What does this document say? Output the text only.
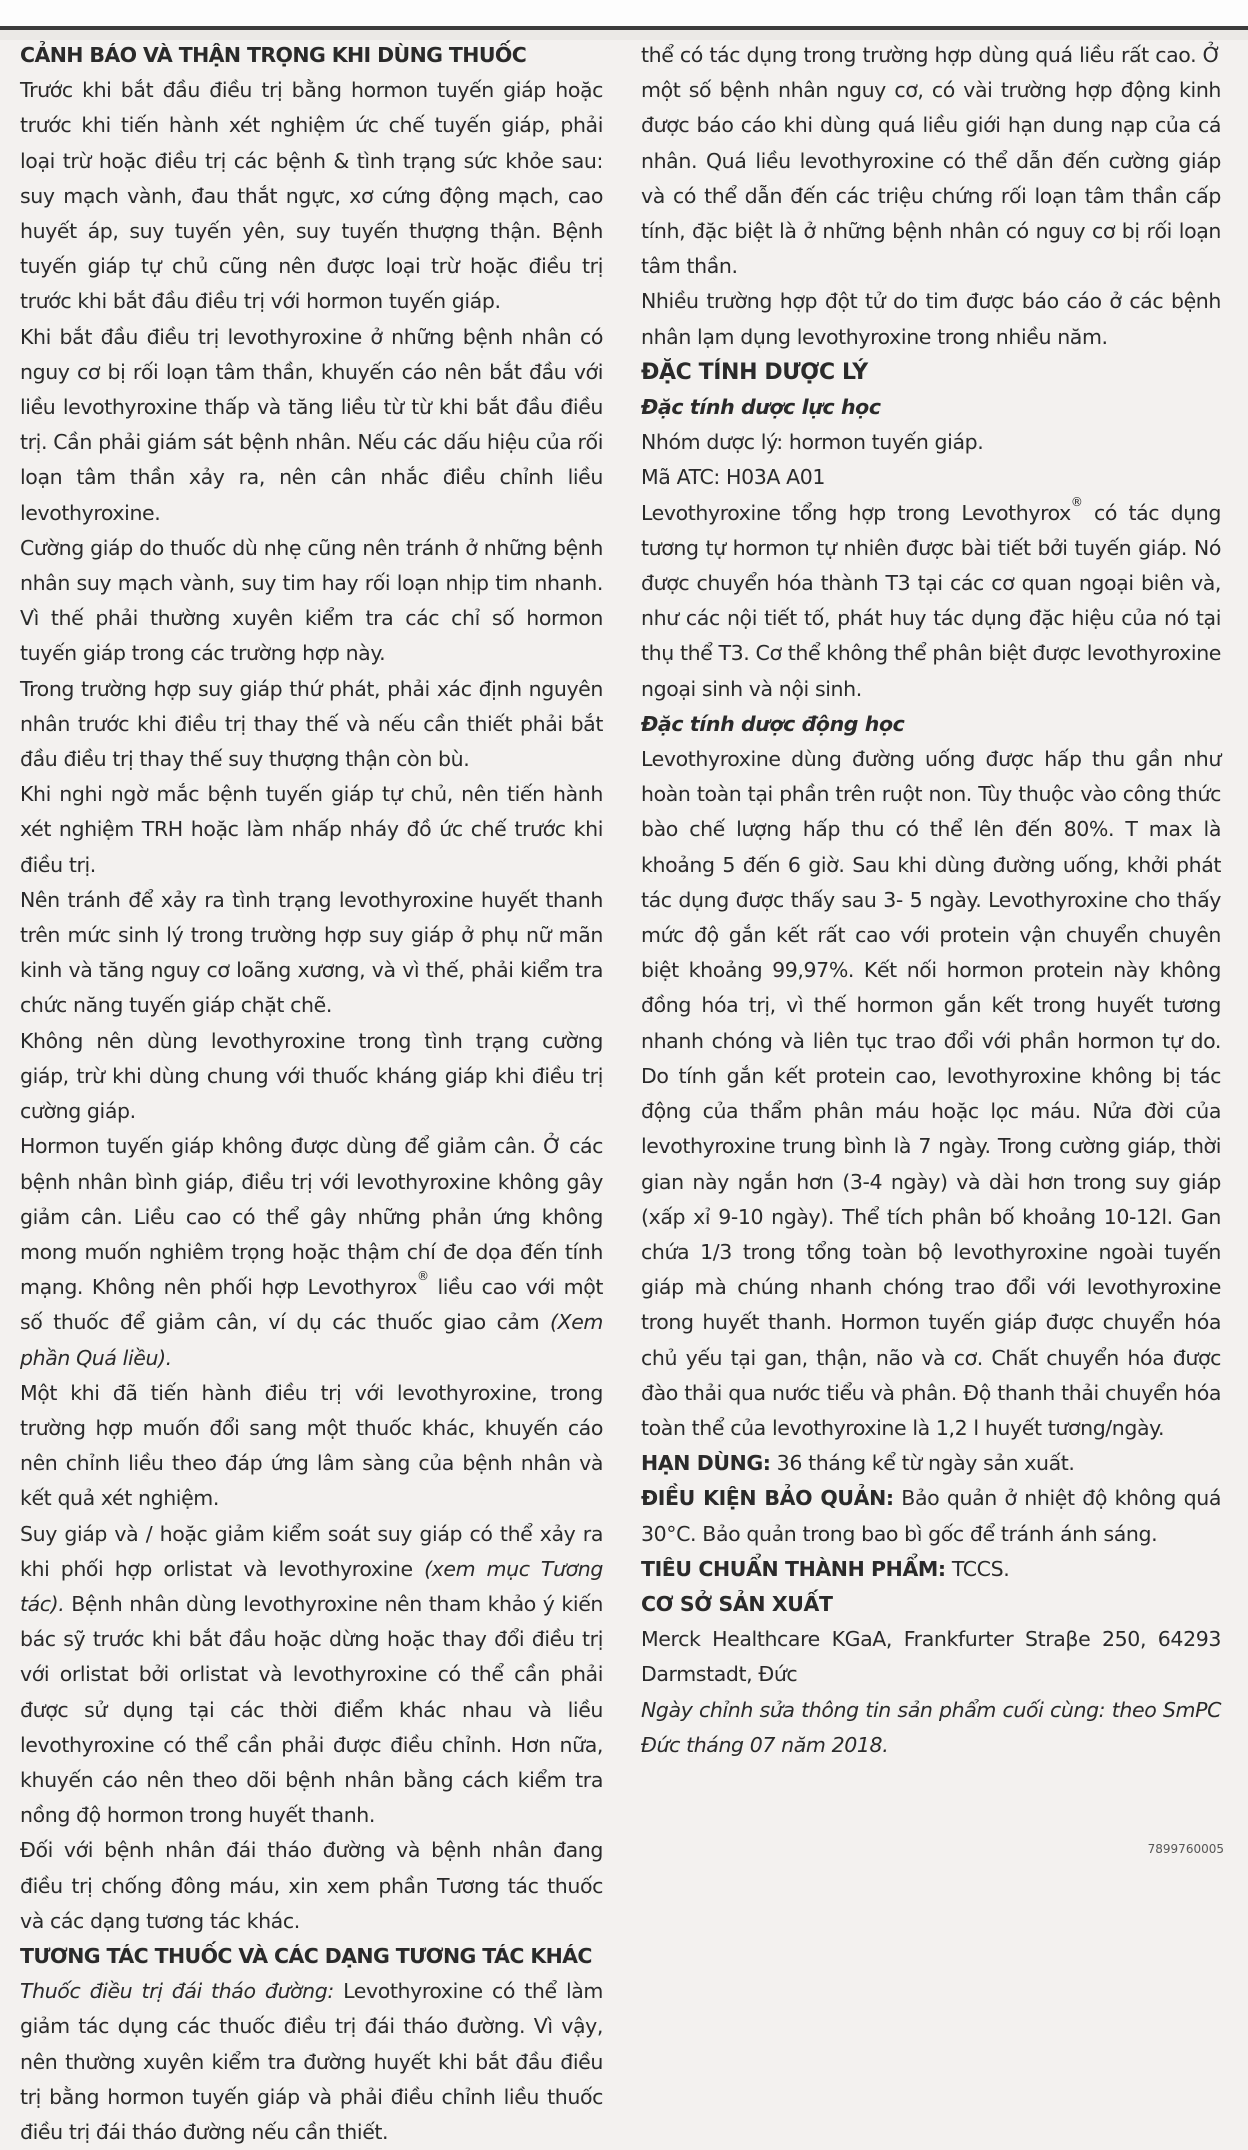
CẢNH BÁO VÀ THẬN TRỌNG KHI DÙNG THUỐC

Trước khi bắt đầu điều trị bằng hormon tuyến giáp hoặc trước khi tiến hành xét nghiệm ức chế tuyến giáp, phải loại trừ hoặc điều trị các bệnh & tình trạng sức khỏe sau: suy mạch vành, đau thắt ngực, xơ cứng động mạch, cao huyết áp, suy tuyến yên, suy tuyến thượng thận. Bệnh tuyến giáp tự chủ cũng nên được loại trừ hoặc điều trị trước khi bắt đầu điều trị với hormon tuyến giáp.

Khi bắt đầu điều trị levothyroxine ở những bệnh nhân có nguy cơ bị rối loạn tâm thần, khuyến cáo nên bắt đầu với liều levothyroxine thấp và tăng liều từ từ khi bắt đầu điều trị. Cần phải giám sát bệnh nhân. Nếu các dấu hiệu của rối loạn tâm thần xảy ra, nên cân nhắc điều chỉnh liều levothyroxine.

Cường giáp do thuốc dù nhẹ cũng nên tránh ở những bệnh nhân suy mạch vành, suy tim hay rối loạn nhịp tim nhanh. Vì thế phải thường xuyên kiểm tra các chỉ số hormon tuyến giáp trong các trường hợp này.

Trong trường hợp suy giáp thứ phát, phải xác định nguyên nhân trước khi điều trị thay thế và nếu cần thiết phải bắt đầu điều trị thay thế suy thượng thận còn bù.

Khi nghi ngờ mắc bệnh tuyến giáp tự chủ, nên tiến hành xét nghiệm TRH hoặc làm nhấp nháy đồ ức chế trước khi điều trị.

Nên tránh để xảy ra tình trạng levothyroxine huyết thanh trên mức sinh lý trong trường hợp suy giáp ở phụ nữ mãn kinh và tăng nguy cơ loãng xương, và vì thế, phải kiểm tra chức năng tuyến giáp chặt chẽ.

Không nên dùng levothyroxine trong tình trạng cường giáp, trừ khi dùng chung với thuốc kháng giáp khi điều trị cường giáp.

Hormon tuyến giáp không được dùng để giảm cân. Ở các bệnh nhân bình giáp, điều trị với levothyroxine không gây giảm cân. Liều cao có thể gây những phản ứng không mong muốn nghiêm trọng hoặc thậm chí đe dọa đến tính mạng. Không nên phối hợp Levothyrox® liều cao với một số thuốc để giảm cân, ví dụ các thuốc giao cảm (Xem phần Quá liều).

Một khi đã tiến hành điều trị với levothyroxine, trong trường hợp muốn đổi sang một thuốc khác, khuyến cáo nên chỉnh liều theo đáp ứng lâm sàng của bệnh nhân và kết quả xét nghiệm.

Suy giáp và / hoặc giảm kiểm soát suy giáp có thể xảy ra khi phối hợp orlistat và levothyroxine (xem mục Tương tác). Bệnh nhân dùng levothyroxine nên tham khảo ý kiến bác sỹ trước khi bắt đầu hoặc dừng hoặc thay đổi điều trị với orlistat bởi orlistat và levothyroxine có thể cần phải được sử dụng tại các thời điểm khác nhau và liều levothyroxine có thể cần phải được điều chỉnh. Hơn nữa, khuyến cáo nên theo dõi bệnh nhân bằng cách kiểm tra nồng độ hormon trong huyết thanh.

Đối với bệnh nhân đái tháo đường và bệnh nhân đang điều trị chống đông máu, xin xem phần Tương tác thuốc và các dạng tương tác khác.

TƯƠNG TÁC THUỐC VÀ CÁC DẠNG TƯƠNG TÁC KHÁC

Thuốc điều trị đái tháo đường: Levothyroxine có thể làm giảm tác dụng các thuốc điều trị đái tháo đường. Vì vậy, nên thường xuyên kiểm tra đường huyết khi bắt đầu điều trị bằng hormon tuyến giáp và phải điều chỉnh liều thuốc điều trị đái tháo đường nếu cần thiết.

thể có tác dụng trong trường hợp dùng quá liều rất cao. Ở một số bệnh nhân nguy cơ, có vài trường hợp động kinh được báo cáo khi dùng quá liều giới hạn dung nạp của cá nhân. Quá liều levothyroxine có thể dẫn đến cường giáp và có thể dẫn đến các triệu chứng rối loạn tâm thần cấp tính, đặc biệt là ở những bệnh nhân có nguy cơ bị rối loạn tâm thần.

Nhiều trường hợp đột tử do tim được báo cáo ở các bệnh nhân lạm dụng levothyroxine trong nhiều năm.

ĐẶC TÍNH DƯỢC LÝ

Đặc tính dược lực học

Nhóm dược lý: hormon tuyến giáp.

Mã ATC: H03A A01

Levothyroxine tổng hợp trong Levothyrox® có tác dụng tương tự hormon tự nhiên được bài tiết bởi tuyến giáp. Nó được chuyển hóa thành T3 tại các cơ quan ngoại biên và, như các nội tiết tố, phát huy tác dụng đặc hiệu của nó tại thụ thể T3. Cơ thể không thể phân biệt được levothyroxine ngoại sinh và nội sinh.

Đặc tính dược động học

Levothyroxine dùng đường uống được hấp thu gần như hoàn toàn tại phần trên ruột non. Tùy thuộc vào công thức bào chế lượng hấp thu có thể lên đến 80%. T max là khoảng 5 đến 6 giờ. Sau khi dùng đường uống, khởi phát tác dụng được thấy sau 3- 5 ngày. Levothyroxine cho thấy mức độ gắn kết rất cao với protein vận chuyển chuyên biệt khoảng 99,97%. Kết nối hormon protein này không đồng hóa trị, vì thế hormon gắn kết trong huyết tương nhanh chóng và liên tục trao đổi với phần hormon tự do. Do tính gắn kết protein cao, levothyroxine không bị tác động của thẩm phân máu hoặc lọc máu. Nửa đời của levothyroxine trung bình là 7 ngày. Trong cường giáp, thời gian này ngắn hơn (3-4 ngày) và dài hơn trong suy giáp (xấp xỉ 9-10 ngày). Thể tích phân bố khoảng 10-12l. Gan chứa 1/3 trong tổng toàn bộ levothyroxine ngoài tuyến giáp mà chúng nhanh chóng trao đổi với levothyroxine trong huyết thanh. Hormon tuyến giáp được chuyển hóa chủ yếu tại gan, thận, não và cơ. Chất chuyển hóa được đào thải qua nước tiểu và phân. Độ thanh thải chuyển hóa toàn thể của levothyroxine là 1,2 l huyết tương/ngày.

HẠN DÙNG: 36 tháng kể từ ngày sản xuất.

ĐIỀU KIỆN BẢO QUẢN: Bảo quản ở nhiệt độ không quá 30°C. Bảo quản trong bao bì gốc để tránh ánh sáng.

TIÊU CHUẨN THÀNH PHẨM: TCCS.

CƠ SỞ SẢN XUẤT

Merck Healthcare KGaA, Frankfurter Straβe 250, 64293 Darmstadt, Đức

Ngày chỉnh sửa thông tin sản phẩm cuối cùng: theo SmPC Đức tháng 07 năm 2018.

7899760005
